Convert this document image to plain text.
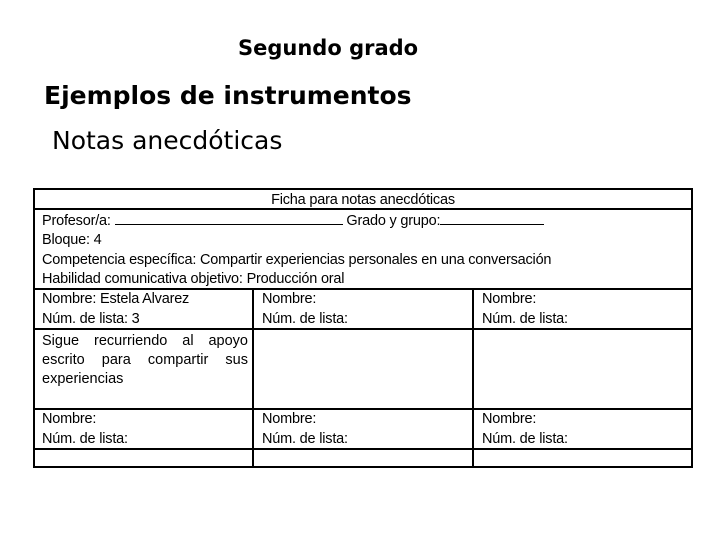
Segundo grado
Ejemplos de instrumentos
Notas anecdóticas
Ficha para notas anecdóticas
Profesor/a:	Grado y grupo:
Bloque: 4
Competencia específica: Compartir experiencias personales en una conversación
Habilidad comunicativa objetivo: Producción oral
Nombre: Estela Alvarez
Núm. de lista: 3
Nombre:
Núm. de lista:
Nombre:
Núm. de lista:
Sigue recurriendo al apoyo escrito para compartir sus experiencias
Nombre:
Núm. de lista:
Nombre:
Núm. de lista:
Nombre:
Núm. de lista:
